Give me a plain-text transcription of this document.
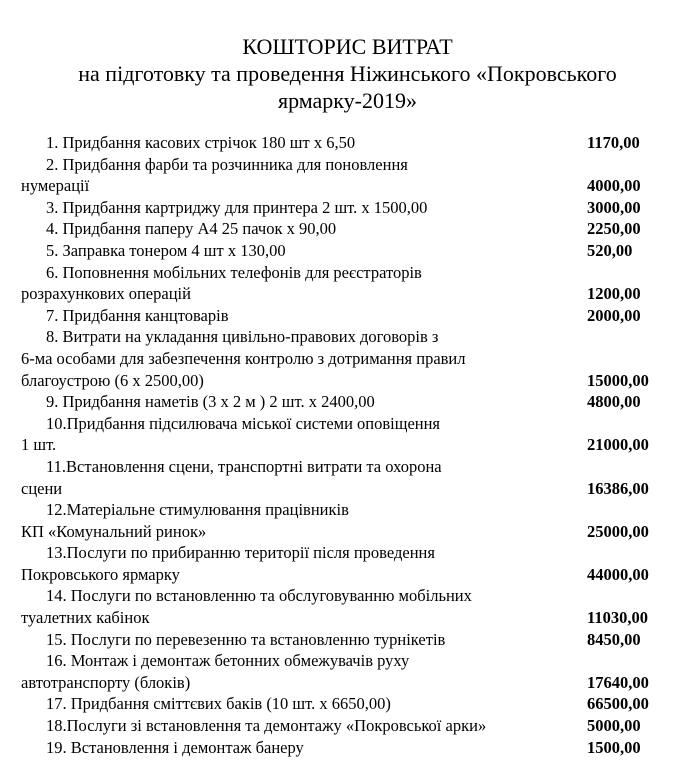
КОШТОРИС ВИТРАТ
на підготовку та проведення Ніжинського «Покровського
ярмарку-2019»
1. Придбання касових стрічок 180 шт х 6,50	1170,00
2. Придбання фарби та розчинника для поновлення
нумерації	4000,00
3. Придбання картриджу для принтера 2 шт. х 1500,00	3000,00
4. Придбання паперу А4 25 пачок х 90,00	2250,00
5. Заправка тонером 4 шт х 130,00	520,00
6. Поповнення мобільних телефонів для реєстраторів
розрахункових операцій	1200,00
7. Придбання канцтоварів	2000,00
8. Витрати на укладання цивільно-правових договорів з
6-ма особами для забезпечення контролю з дотримання правил
благоустрою (6 х 2500,00)	15000,00
9. Придбання наметів (3 х 2 м ) 2 шт. х 2400,00	4800,00
10.Придбання підсилювача міської системи оповіщення
1 шт.	21000,00
11.Встановлення сцени, транспортні витрати та охорона
сцени	16386,00
12.Матеріальне стимулювання працівників
КП «Комунальний ринок»	25000,00
13.Послуги по прибиранню території після проведення
Покровського ярмарку	44000,00
14. Послуги по встановленню та обслуговуванню мобільних
туалетних кабінок	11030,00
15. Послуги по перевезенню та встановленню турнікетів	8450,00
16. Монтаж і демонтаж бетонних обмежувачів руху
автотранспорту (блоків)	17640,00
17. Придбання сміттєвих баків (10 шт. х 6650,00)	66500,00
18.Послуги зі встановлення та демонтажу «Покровської арки»	5000,00
19. Встановлення і демонтаж банеру	1500,00
